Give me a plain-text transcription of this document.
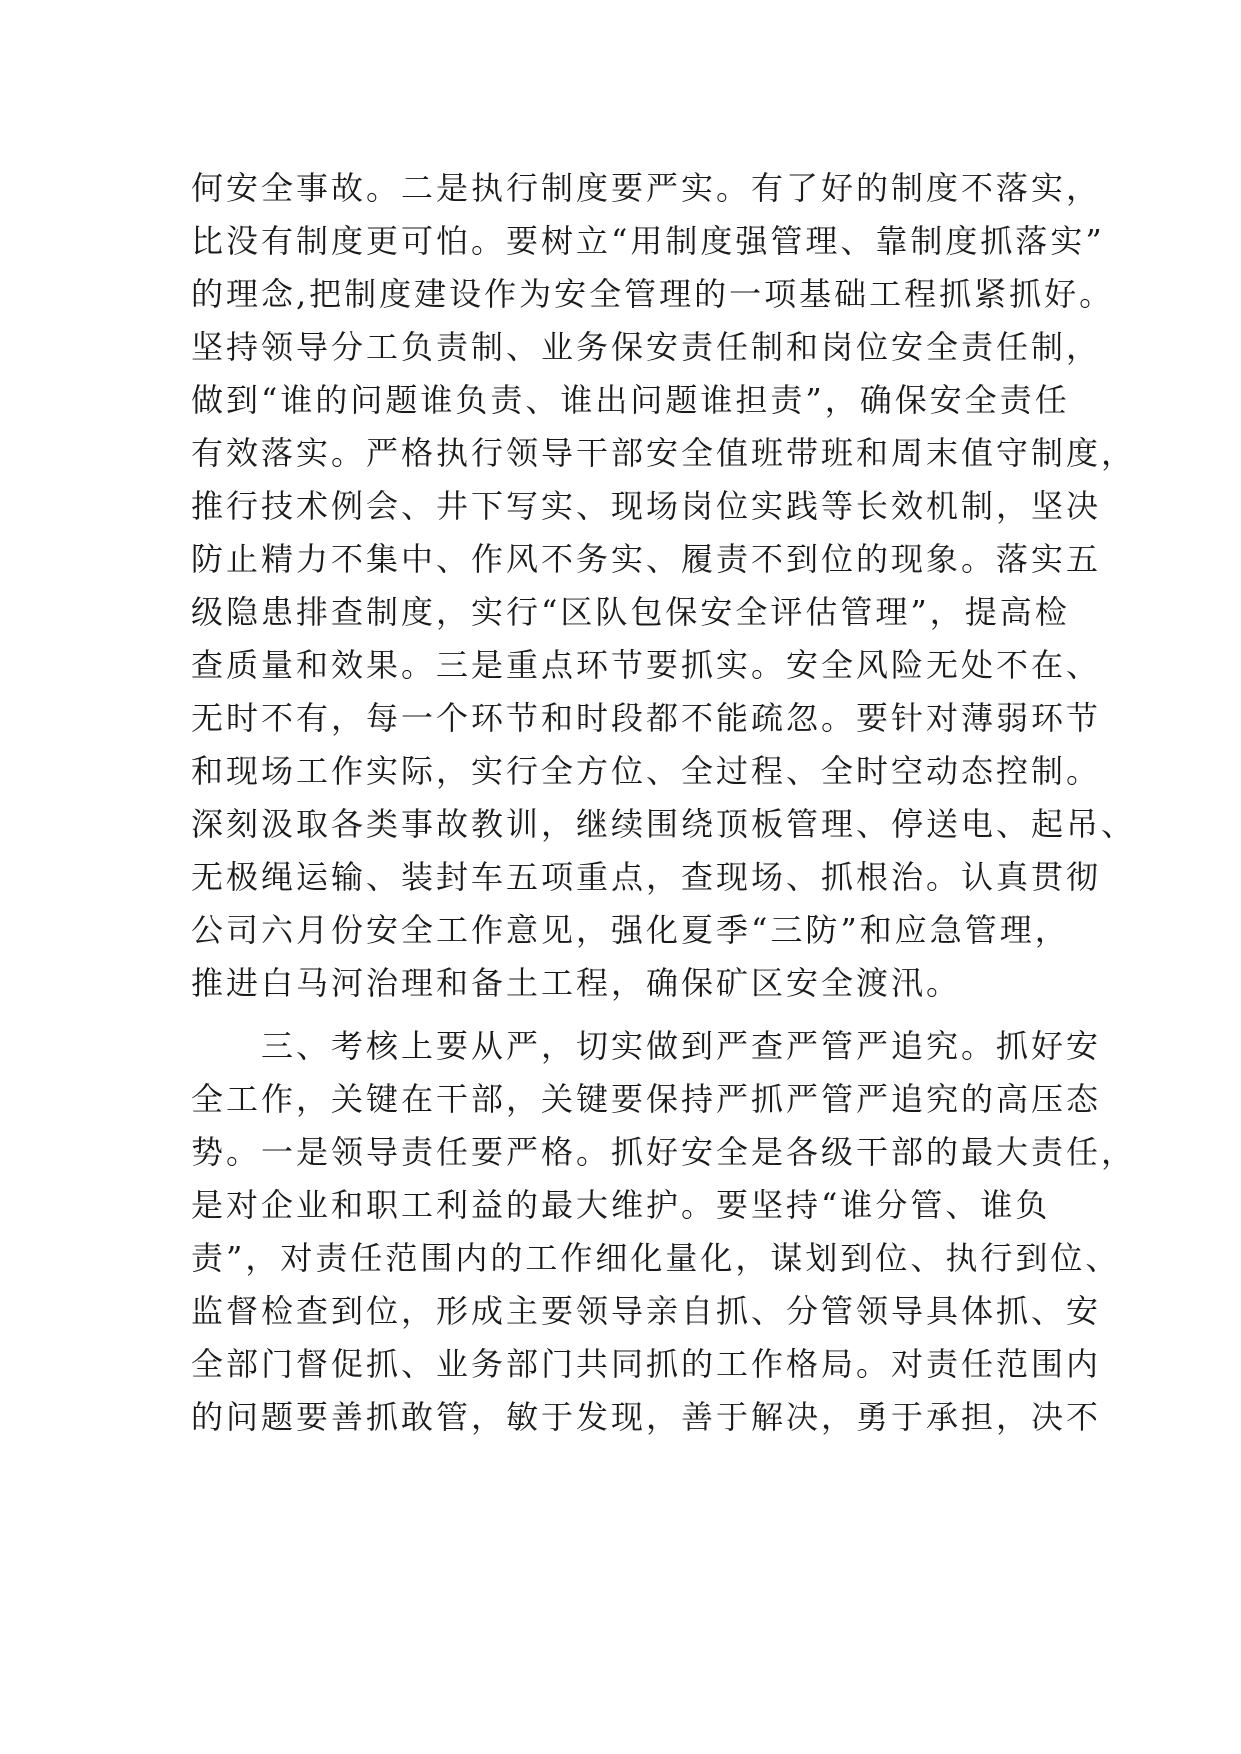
何安全事故。二是执行制度要严实。有了好的制度不落实，
比没有制度更可怕。要树立“用制度强管理、靠制度抓落实”
的理念,把制度建设作为安全管理的一项基础工程抓紧抓好。
坚持领导分工负责制、业务保安责任制和岗位安全责任制，
做到“谁的问题谁负责、谁出问题谁担责”，确保安全责任
有效落实。严格执行领导干部安全值班带班和周末值守制度，
推行技术例会、井下写实、现场岗位实践等长效机制，坚决
防止精力不集中、作风不务实、履责不到位的现象。落实五
级隐患排查制度，实行“区队包保安全评估管理”，提高检
查质量和效果。三是重点环节要抓实。安全风险无处不在、
无时不有，每一个环节和时段都不能疏忽。要针对薄弱环节
和现场工作实际，实行全方位、全过程、全时空动态控制。
深刻汲取各类事故教训，继续围绕顶板管理、停送电、起吊、
无极绳运输、装封车五项重点，查现场、抓根治。认真贯彻
公司六月份安全工作意见，强化夏季“三防”和应急管理，
推进白马河治理和备土工程，确保矿区安全渡汛。
　　三、考核上要从严，切实做到严查严管严追究。抓好安
全工作，关键在干部，关键要保持严抓严管严追究的高压态
势。一是领导责任要严格。抓好安全是各级干部的最大责任，
是对企业和职工利益的最大维护。要坚持“谁分管、谁负
责”，对责任范围内的工作细化量化，谋划到位、执行到位、
监督检查到位，形成主要领导亲自抓、分管领导具体抓、安
全部门督促抓、业务部门共同抓的工作格局。对责任范围内
的问题要善抓敢管，敏于发现，善于解决，勇于承担，决不
